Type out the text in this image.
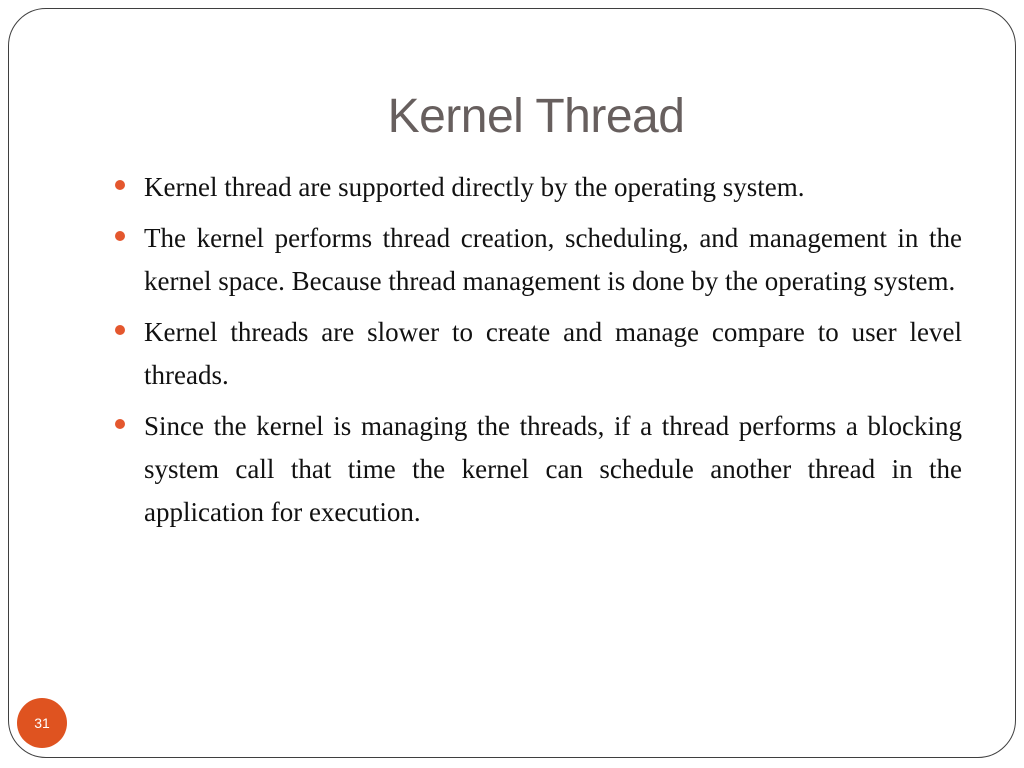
Kernel Thread
Kernel thread are supported directly by the operating system.
The kernel performs thread creation, scheduling, and management in the kernel space. Because thread management is done by the operating system.
Kernel threads are slower to create and manage compare to user level threads.
Since the kernel is managing the threads, if a thread performs a blocking system call that time the kernel can schedule another thread in the application for execution.
31
